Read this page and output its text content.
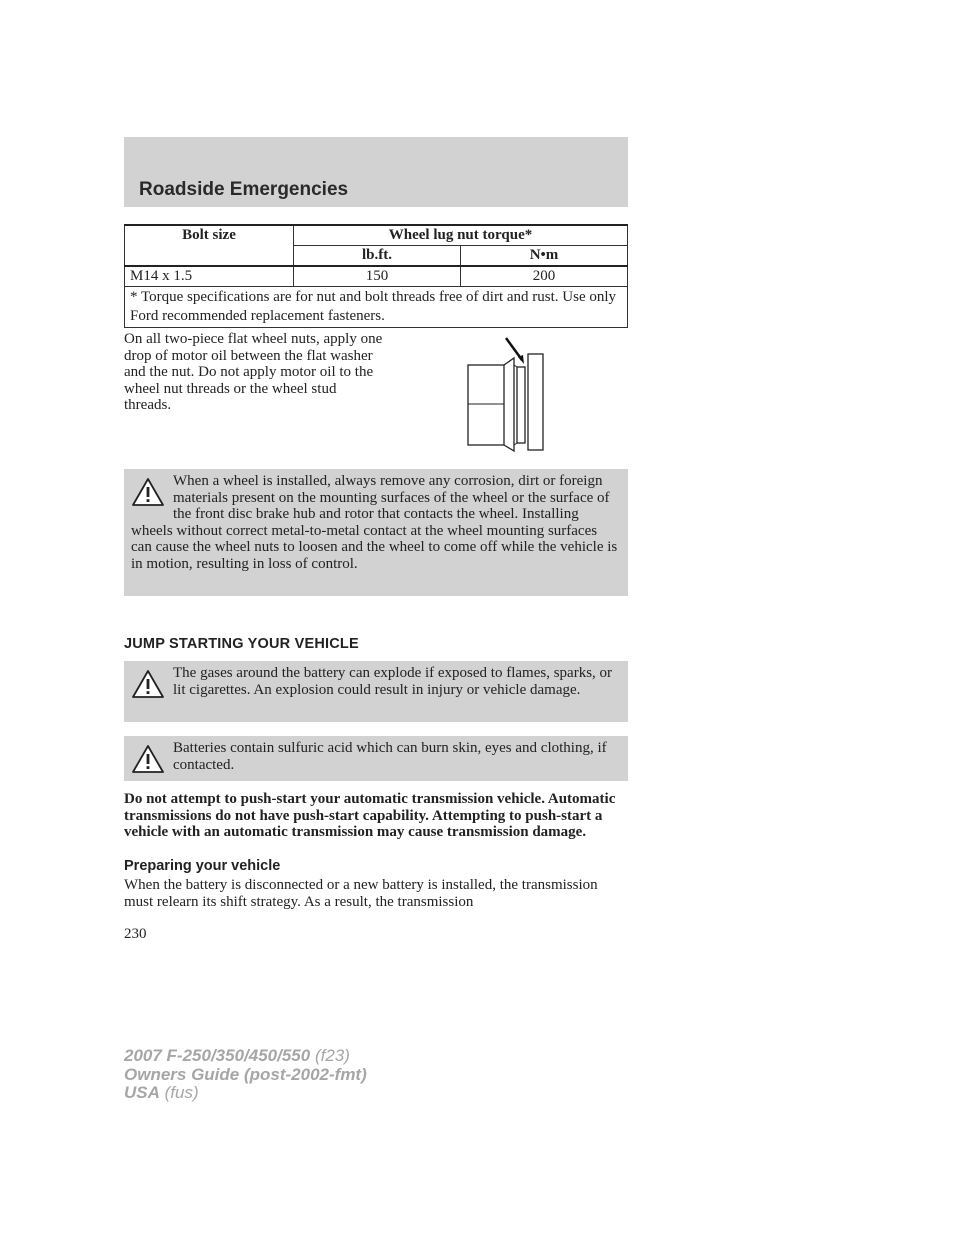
Roadside Emergencies
Bolt size	Wheel lug nut torque*	
	lb.ft.	N•m
M14 x 1.5	150	200
* Torque specifications are for nut and bolt threads free of dirt and rust. Use only Ford recommended replacement fasteners.		
On all two-piece flat wheel nuts, apply one drop of motor oil between the flat washer and the nut. Do not apply motor oil to the wheel nut threads or the wheel stud threads.
When a wheel is installed, always remove any corrosion, dirt or foreign materials present on the mounting surfaces of the wheel or the surface of the front disc brake hub and rotor that contacts the wheel. Installing wheels without correct metal-to-metal contact at the wheel mounting surfaces can cause the wheel nuts to loosen and the wheel to come off while the vehicle is in motion, resulting in loss of control.
JUMP STARTING YOUR VEHICLE
The gases around the battery can explode if exposed to flames, sparks, or lit cigarettes. An explosion could result in injury or vehicle damage.
Batteries contain sulfuric acid which can burn skin, eyes and clothing, if contacted.
Do not attempt to push-start your automatic transmission vehicle. Automatic transmissions do not have push-start capability. Attempting to push-start a vehicle with an automatic transmission may cause transmission damage.
Preparing your vehicle
When the battery is disconnected or a new battery is installed, the transmission must relearn its shift strategy. As a result, the transmission
230
2007 F-250/350/450/550 (f23)
Owners Guide (post-2002-fmt)
USA (fus)
